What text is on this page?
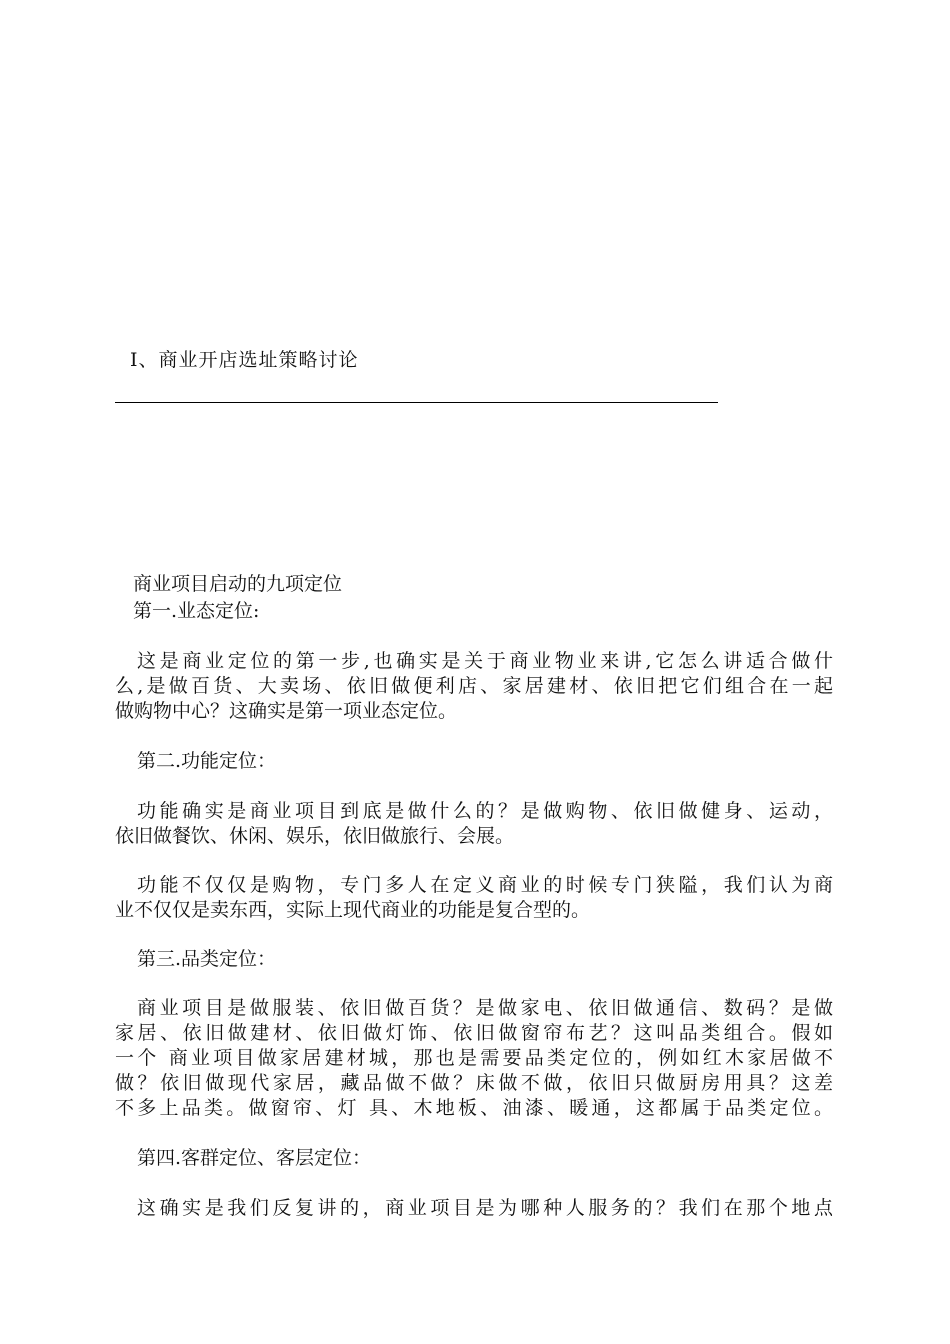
I、商业开店选址策略讨论
商业项目启动的九项定位
第一.业态定位:
这是商业定位的第一步,也确实是关于商业物业来讲,它怎么讲适合做什
么,是做百货、大卖场、依旧做便利店、家居建材、依旧把它们组合在一起
做购物中心？这确实是第一项业态定位。
第二.功能定位：
功能确实是商业项目到底是做什么的？是做购物、依旧做健身、运动，
依旧做餐饮、休闲、娱乐，依旧做旅行、会展。
功能不仅仅是购物，专门多人在定义商业的时候专门狭隘，我们认为商
业不仅仅是卖东西，实际上现代商业的功能是复合型的。
第三.品类定位：
商业项目是做服装、依旧做百货？是做家电、依旧做通信、数码？是做
家居、依旧做建材、依旧做灯饰、依旧做窗帘布艺？这叫品类组合。假如
一个 商业项目做家居建材城，那也是需要品类定位的，例如红木家居做不
做？依旧做现代家居，藏品做不做？床做不做，依旧只做厨房用具？这差
不多上品类。做窗帘、灯 具、木地板、油漆、暖通，这都属于品类定位。
第四.客群定位、客层定位：
这确实是我们反复讲的，商业项目是为哪种人服务的？我们在那个地点
